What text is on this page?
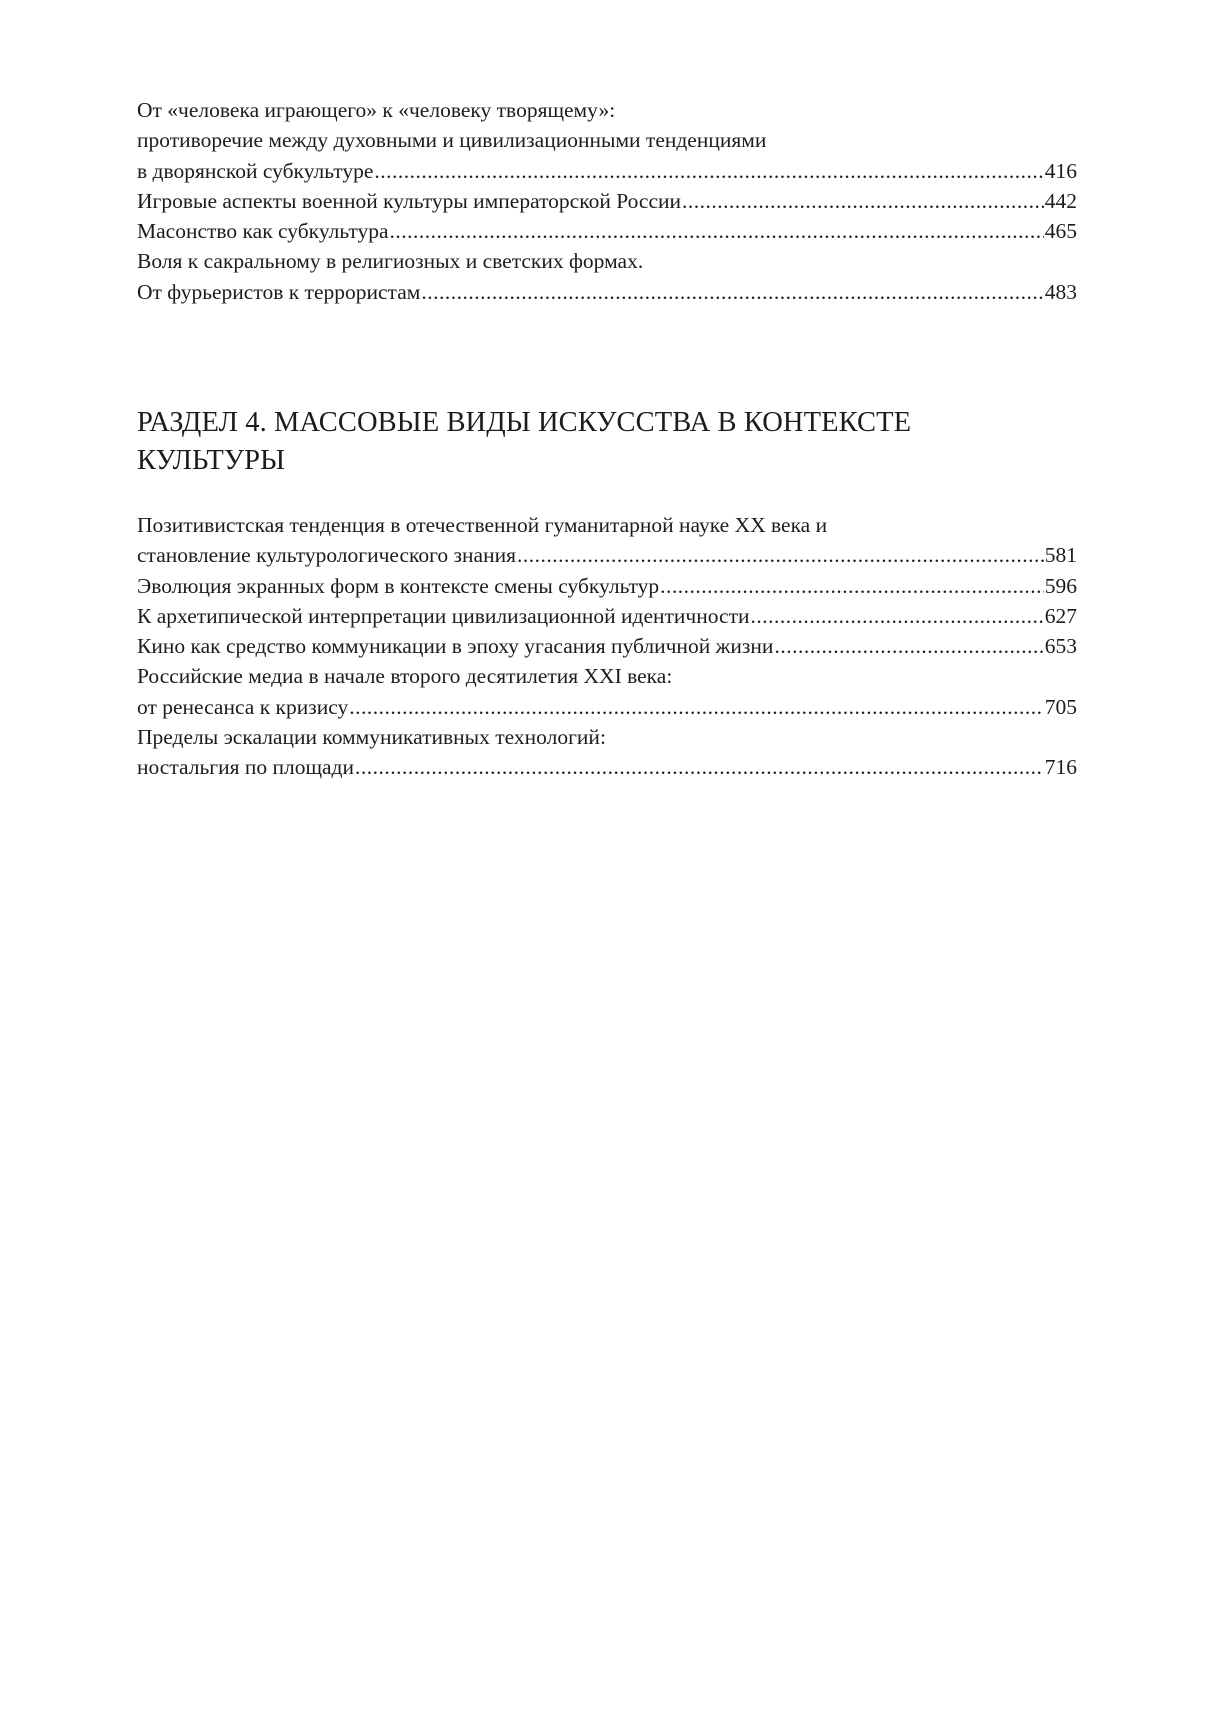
От «человека играющего» к «человеку творящему»:
противоречие между духовными и цивилизационными тенденциями
в дворянской субкультуре .....	416
Игровые аспекты военной культуры императорской России .....	442
Масонство как субкультура .....	465
Воля к сакральному в религиозных и светских формах.
От фурьеристов к террористам .....	483
РАЗДЕЛ 4. МАССОВЫЕ ВИДЫ ИСКУССТВА В КОНТЕКСТЕ
КУЛЬТУРЫ
Позитивистская тенденция в отечественной гуманитарной науке XX века и
становление культурологического знания .....	581
Эволюция экранных форм в контексте смены субкультур .....	596
К архетипической интерпретации цивилизационной идентичности .....	627
Кино как средство коммуникации в эпоху угасания публичной жизни .....	653
Российские медиа в начале второго десятилетия XXI века:
от ренесанса к кризису .....	705
Пределы эскалации коммуникативных технологий:
ностальгия по площади .....	716
